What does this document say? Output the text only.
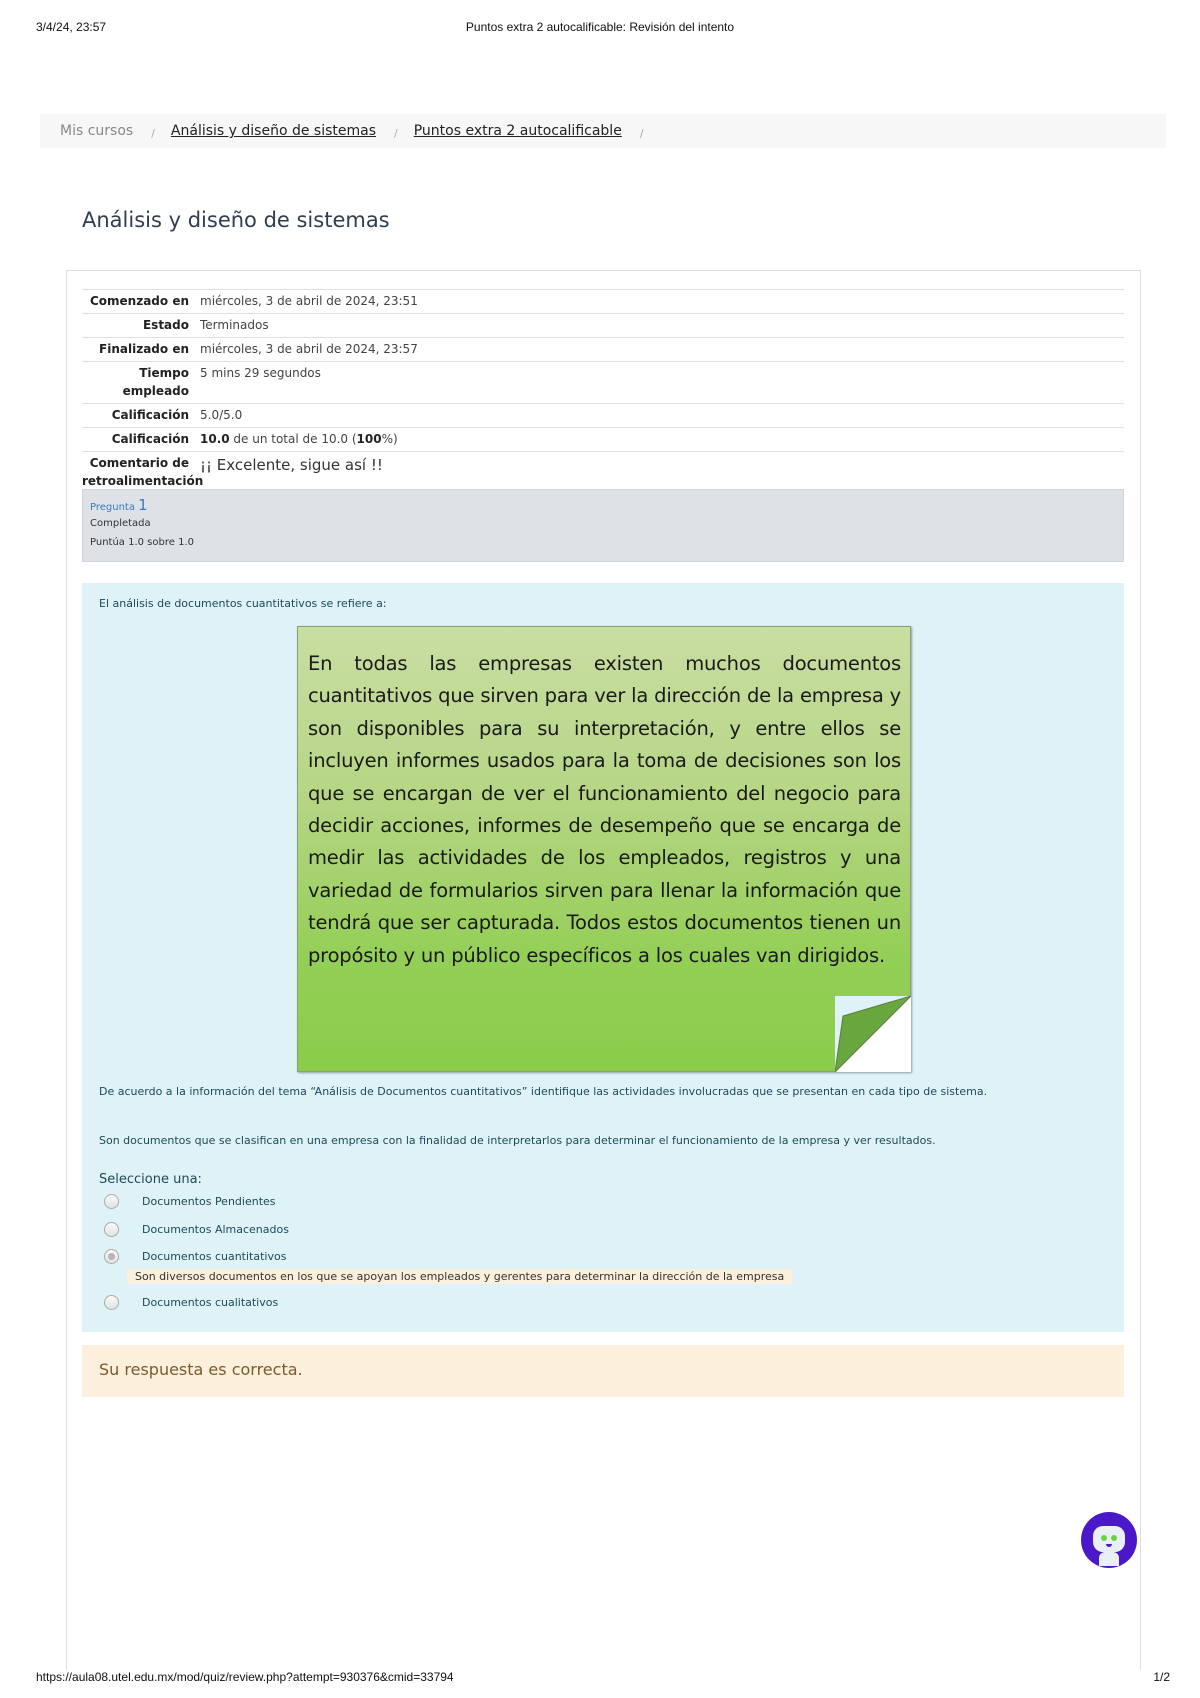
3/4/24, 23:57	Puntos extra 2 autocalificable: Revisión del intento
Mis cursos / Análisis y diseño de sistemas / Puntos extra 2 autocalificable /
Análisis y diseño de sistemas
Comenzado en miércoles, 3 de abril de 2024, 23:51
Estado Terminados
Finalizado en miércoles, 3 de abril de 2024, 23:57
Tiempo
empleado
5 mins 29 segundos
Calificación 5.0/5.0
Calificación 10.0 de un total de 10.0 (100%)
Comentario de
retroalimentación
¡¡ Excelente, sigue así !!
Pregunta 1
Completada
Puntúa 1.0 sobre 1.0
El análisis de documentos cuantitativos se refiere a:
En todas las empresas existen muchos documentos cuantitativos que sirven para ver la dirección de la empresa y son disponibles para su interpretación, y entre ellos se incluyen informes usados para la toma de decisiones son los que se encargan de ver el funcionamiento del negocio para decidir acciones, informes de desempeño que se encarga de medir las actividades de los empleados, registros y una variedad de formularios sirven para llenar la información que tendrá que ser capturada. Todos estos documentos tienen un propósito y un público específicos a los cuales van dirigidos.
De acuerdo a la información del tema “Análisis de Documentos cuantitativos” identifique las actividades involucradas que se presentan en cada tipo de sistema.
Son documentos que se clasifican en una empresa con la finalidad de interpretarlos para determinar el funcionamiento de la empresa y ver resultados.
Seleccione una:
Documentos Pendientes
Documentos Almacenados
Documentos cuantitativos
Son diversos documentos en los que se apoyan los empleados y gerentes para determinar la dirección de la empresa
Documentos cualitativos
Su respuesta es correcta.
https://aula08.utel.edu.mx/mod/quiz/review.php?attempt=930376&cmid=33794	1/2
